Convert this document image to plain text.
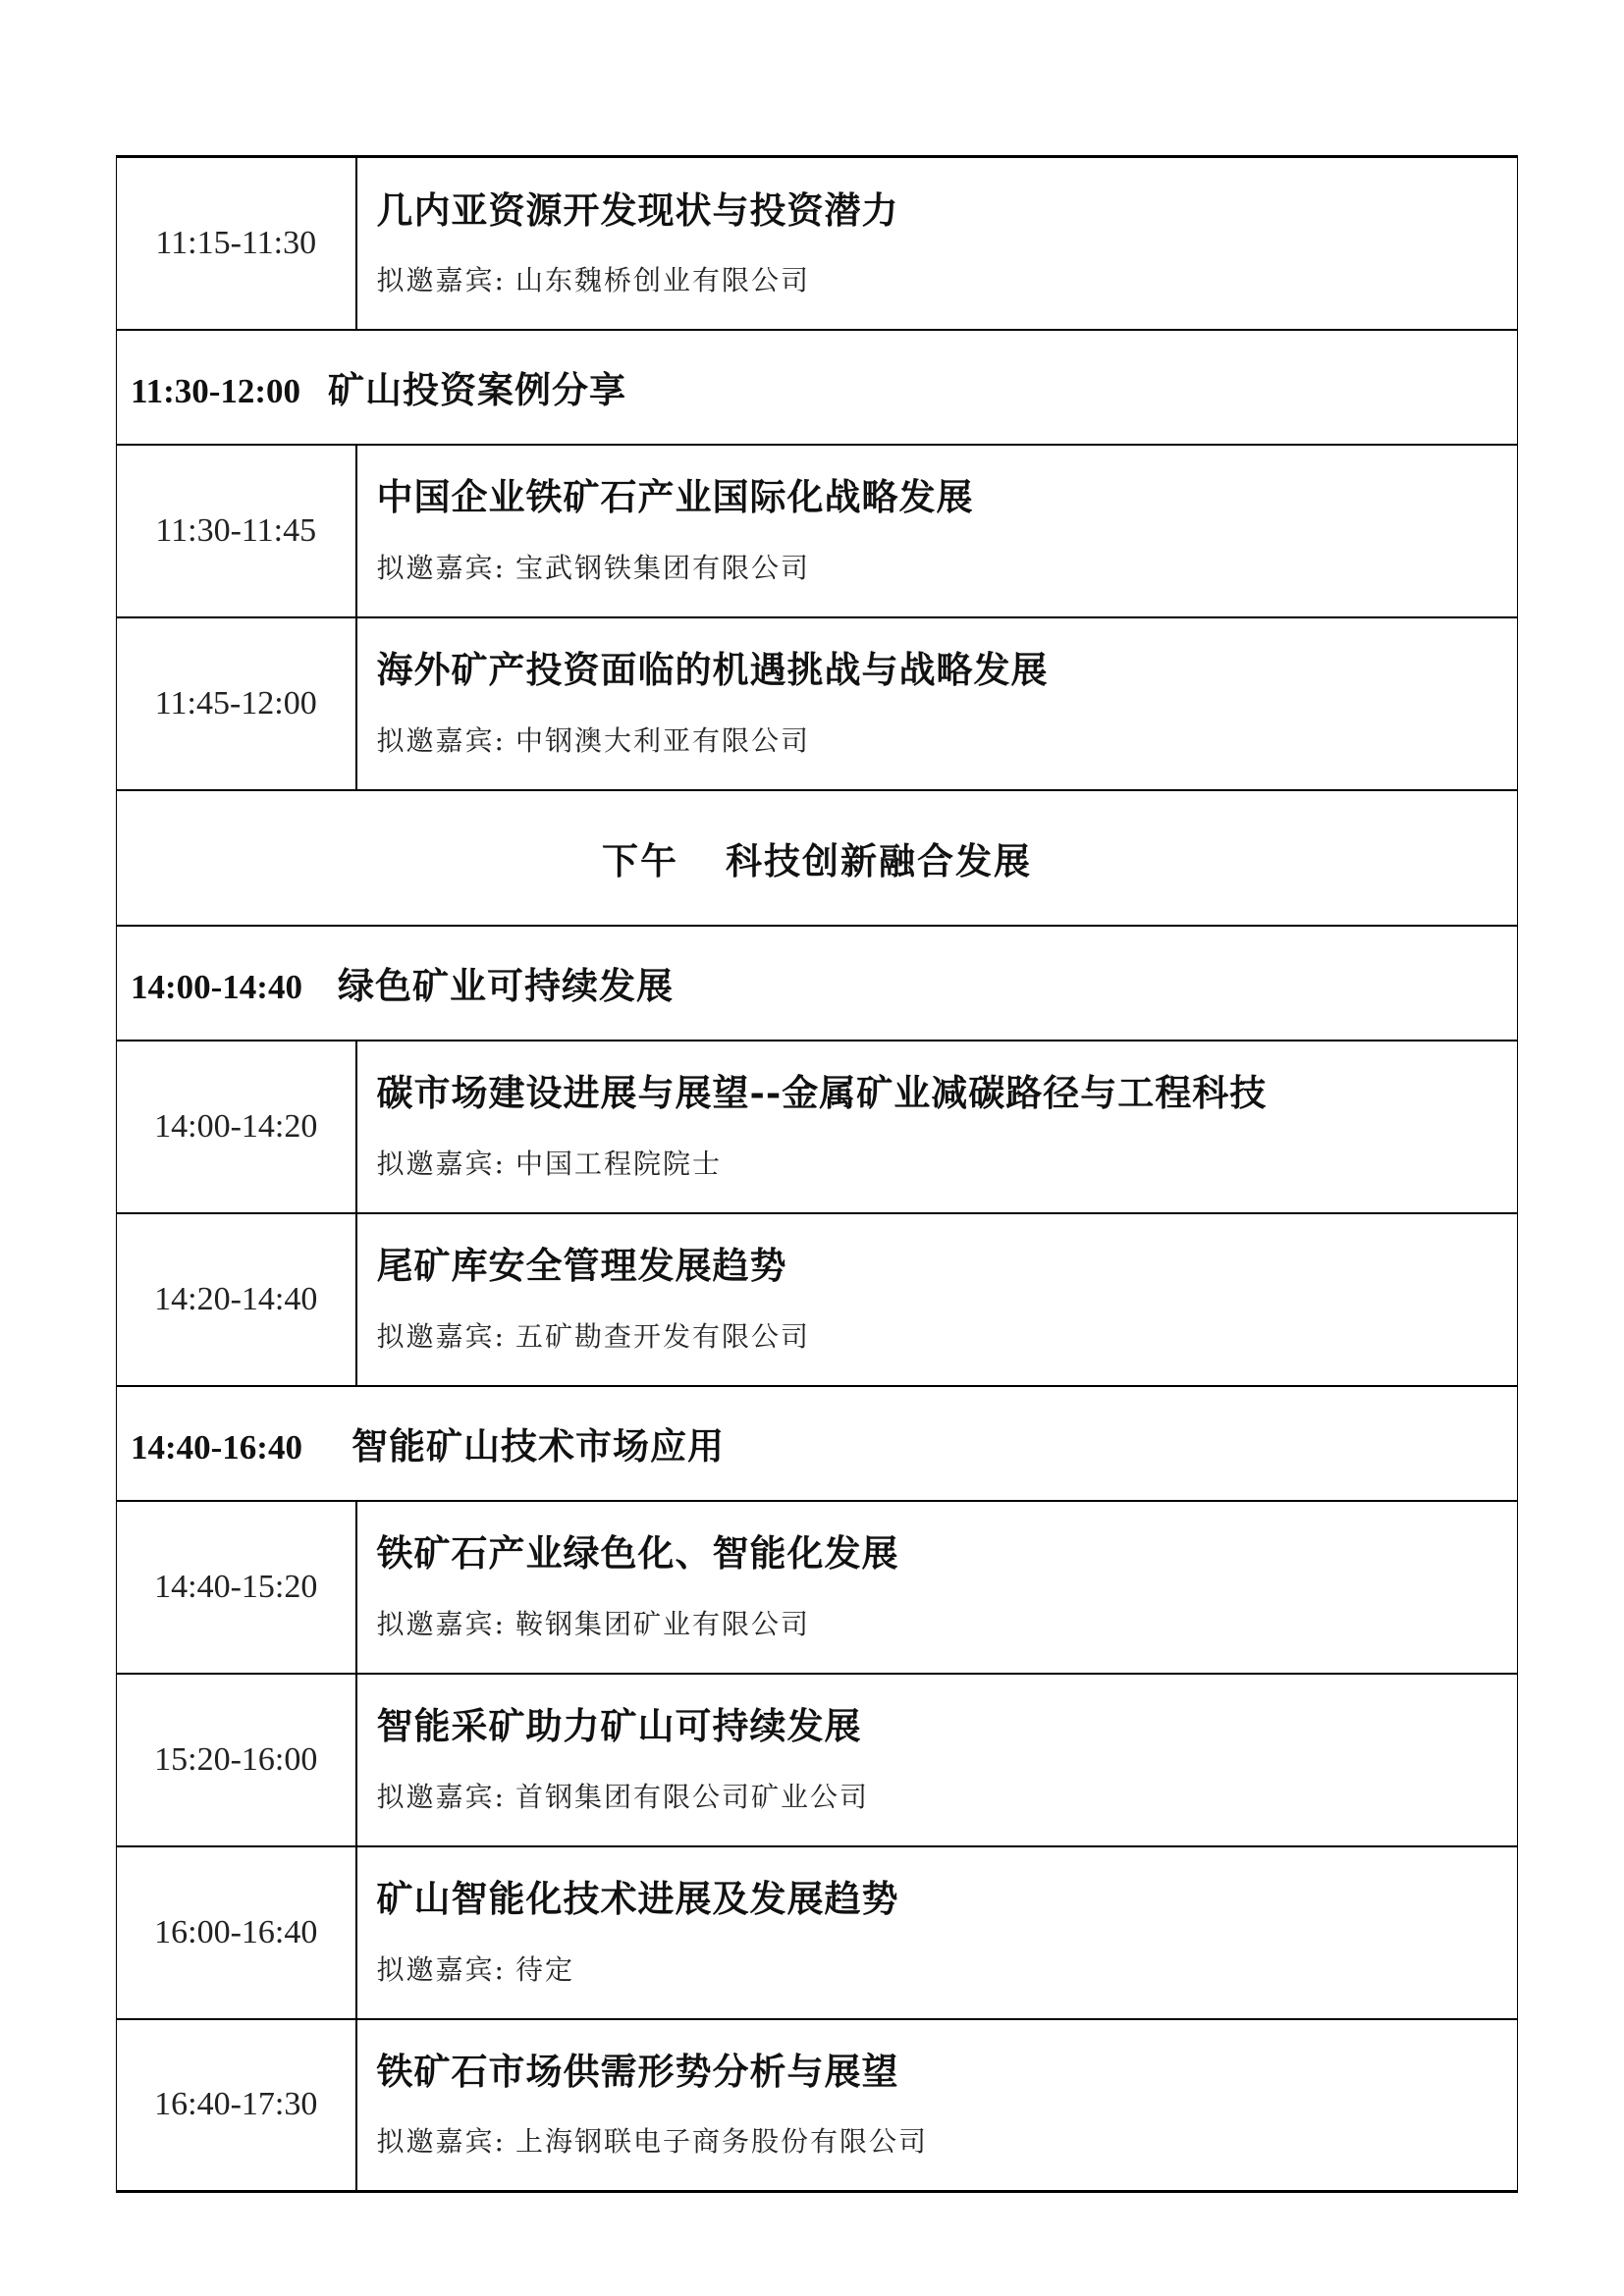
11:15-11:30	几内亚资源开发现状与投资潜力
拟邀嘉宾: 山东魏桥创业有限公司

11:30-12:00 矿山投资案例分享	
11:30-11:45	中国企业铁矿石产业国际化战略发展
拟邀嘉宾: 宝武钢铁集团有限公司

11:45-12:00	海外矿产投资面临的机遇挑战与战略发展
拟邀嘉宾: 中钢澳大利亚有限公司

下午 科技创新融合发展	
14:00-14:40 绿色矿业可持续发展	
14:00-14:20	碳市场建设进展与展望--金属矿业减碳路径与工程科技
拟邀嘉宾: 中国工程院院士

14:20-14:40	尾矿库安全管理发展趋势
拟邀嘉宾: 五矿勘查开发有限公司

14:40-16:40 智能矿山技术市场应用	
14:40-15:20	铁矿石产业绿色化、智能化发展
拟邀嘉宾: 鞍钢集团矿业有限公司

15:20-16:00	智能采矿助力矿山可持续发展
拟邀嘉宾: 首钢集团有限公司矿业公司

16:00-16:40	矿山智能化技术进展及发展趋势
拟邀嘉宾: 待定

16:40-17:30	铁矿石市场供需形势分析与展望
拟邀嘉宾: 上海钢联电子商务股份有限公司
